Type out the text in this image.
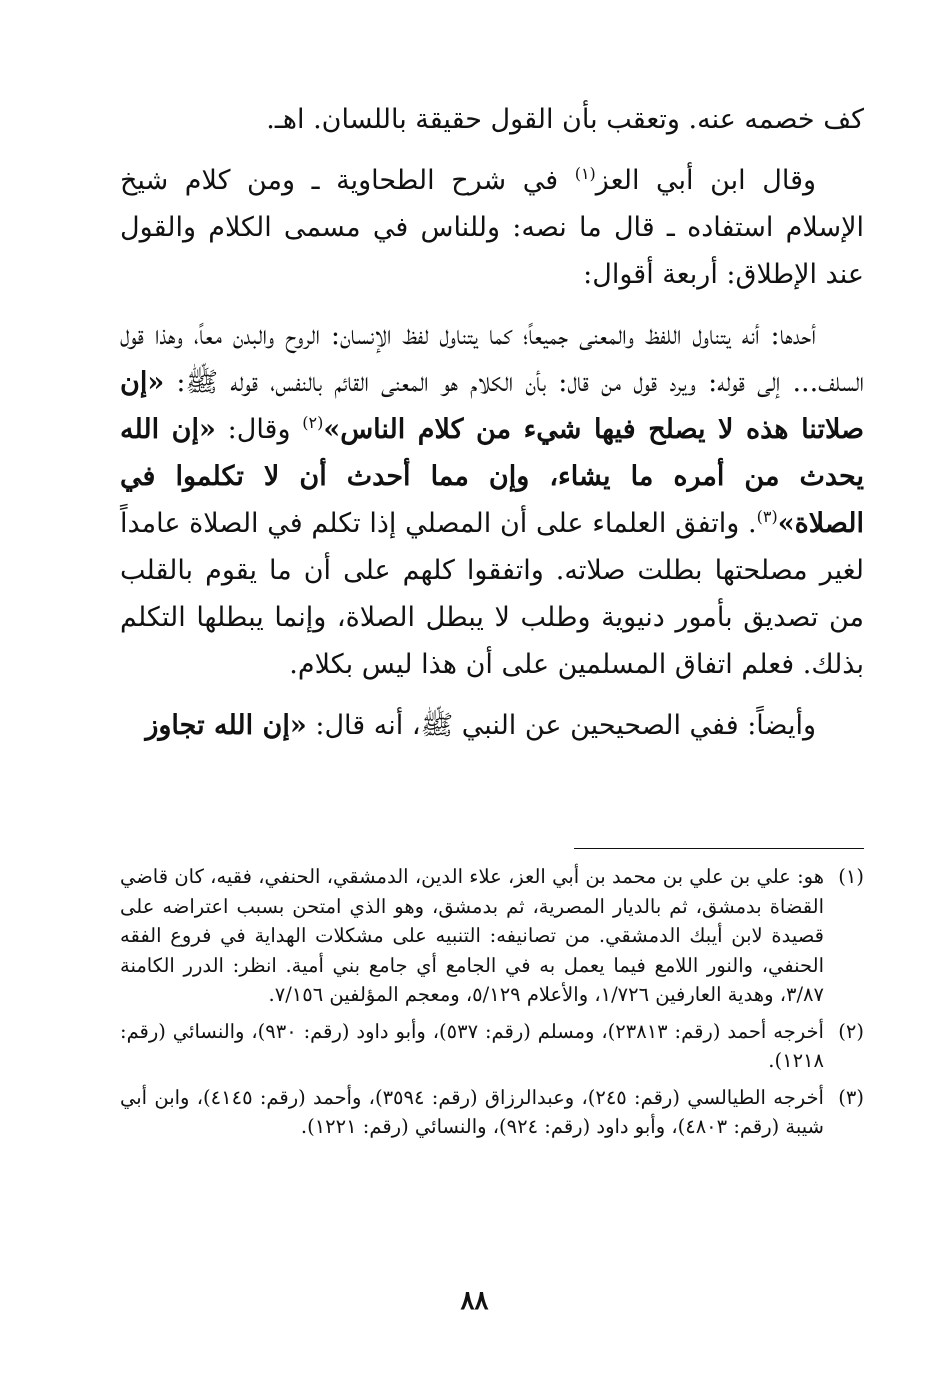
كف خصمه عنه. وتعقب بأن القول حقيقة باللسان. اهـ.

وقال ابن أبي العز$^{(١)}$ في شرح الطحاوية ـ ومن كلام شيخ الإسلام استفاده ـ قال ما نصه: وللناس في مسمى الكلام والقول عند الإطلاق: أربعة أقوال:

أحدها: أنه يتناول اللفظ والمعنى جميعاً؛ كما يتناول لفظ الإنسان: الروح والبدن معاً، وهذا قول السلف... إلى قوله: ويرد قول من قال: بأن الكلام هو المعنى القائم بالنفس، قوله ﷺ: «إن صلاتنا هذه لا يصلح فيها شيء من كلام الناس»$^{(٢)}$ وقال: «إن الله يحدث من أمره ما يشاء، وإن مما أحدث أن لا تكلموا في الصلاة»$^{(٣)}$. واتفق العلماء على أن المصلي إذا تكلم في الصلاة عامداً لغير مصلحتها بطلت صلاته. واتفقوا كلهم على أن ما يقوم بالقلب من تصديق بأمور دنيوية وطلب لا يبطل الصلاة، وإنما يبطلها التكلم بذلك. فعلم اتفاق المسلمين على أن هذا ليس بكلام.

وأيضاً: ففي الصحيحين عن النبي ﷺ، أنه قال: «إن الله تجاوز

(١)
هو: علي بن علي بن محمد بن أبي العز، علاء الدين، الدمشقي، الحنفي، فقيه، كان قاضي القضاة بدمشق، ثم بالديار المصرية، ثم بدمشق، وهو الذي امتحن بسبب اعتراضه على قصيدة لابن أيبك الدمشقي. من تصانيفه: التنبيه على مشكلات الهداية في فروع الفقه الحنفي، والنور اللامع فيما يعمل به في الجامع أي جامع بني أمية. انظر: الدرر الكامنة ٣/٨٧، وهدية العارفين ١/٧٢٦، والأعلام ٥/١٢٩، ومعجم المؤلفين ٧/١٥٦.
(٢)
أخرجه أحمد (رقم: ٢٣٨١٣)، ومسلم (رقم: ٥٣٧)، وأبو داود (رقم: ٩٣٠)، والنسائي (رقم: ١٢١٨).
(٣)
أخرجه الطيالسي (رقم: ٢٤٥)، وعبدالرزاق (رقم: ٣٥٩٤)، وأحمد (رقم: ٤١٤٥)، وابن أبي شيبة (رقم: ٤٨٠٣)، وأبو داود (رقم: ٩٢٤)، والنسائي (رقم: ١٢٢١).
٨٨
